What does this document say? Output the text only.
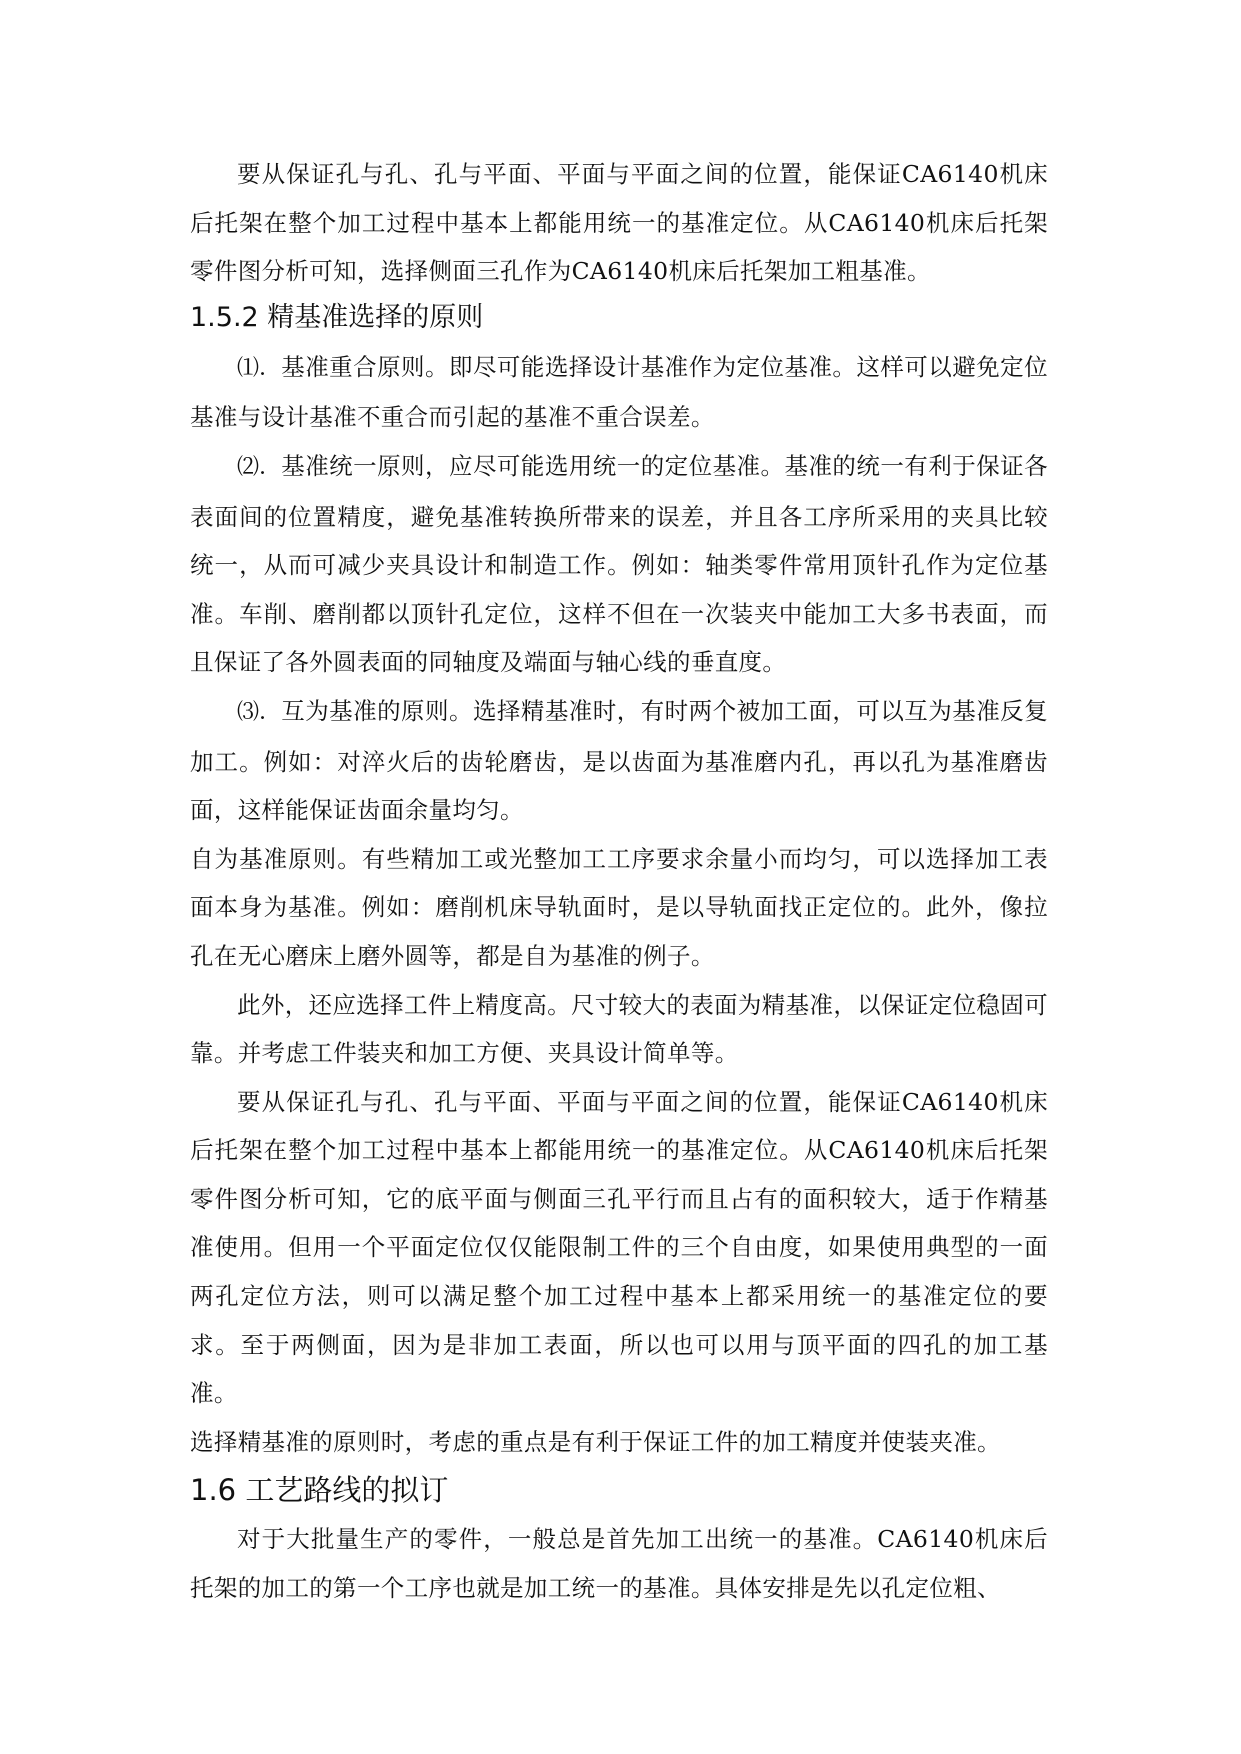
要从保证孔与孔、孔与平面、平面与平面之间的位置，能保证CA6140机床后托架在整个加工过程中基本上都能用统一的基准定位。从CA6140机床后托架零件图分析可知，选择侧面三孔作为CA6140机床后托架加工粗基准。

1.5.2 精基准选择的原则

⑴．基准重合原则。即尽可能选择设计基准作为定位基准。这样可以避免定位基准与设计基准不重合而引起的基准不重合误差。

⑵．基准统一原则，应尽可能选用统一的定位基准。基准的统一有利于保证各表面间的位置精度，避免基准转换所带来的误差，并且各工序所采用的夹具比较统一，从而可减少夹具设计和制造工作。例如：轴类零件常用顶针孔作为定位基准。车削、磨削都以顶针孔定位，这样不但在一次装夹中能加工大多书表面，而且保证了各外圆表面的同轴度及端面与轴心线的垂直度。

⑶．互为基准的原则。选择精基准时，有时两个被加工面，可以互为基准反复加工。例如：对淬火后的齿轮磨齿，是以齿面为基准磨内孔，再以孔为基准磨齿面，这样能保证齿面余量均匀。

自为基准原则。有些精加工或光整加工工序要求余量小而均匀，可以选择加工表面本身为基准。例如：磨削机床导轨面时，是以导轨面找正定位的。此外，像拉孔在无心磨床上磨外圆等，都是自为基准的例子。

此外，还应选择工件上精度高。尺寸较大的表面为精基准，以保证定位稳固可靠。并考虑工件装夹和加工方便、夹具设计简单等。

要从保证孔与孔、孔与平面、平面与平面之间的位置，能保证CA6140机床后托架在整个加工过程中基本上都能用统一的基准定位。从CA6140机床后托架零件图分析可知，它的底平面与侧面三孔平行而且占有的面积较大，适于作精基准使用。但用一个平面定位仅仅能限制工件的三个自由度，如果使用典型的一面两孔定位方法，则可以满足整个加工过程中基本上都采用统一的基准定位的要求。至于两侧面，因为是非加工表面，所以也可以用与顶平面的四孔的加工基准。

选择精基准的原则时，考虑的重点是有利于保证工件的加工精度并使装夹准。

1.6 工艺路线的拟订

对于大批量生产的零件，一般总是首先加工出统一的基准。CA6140机床后托架的加工的第一个工序也就是加工统一的基准。具体安排是先以孔定位粗、
